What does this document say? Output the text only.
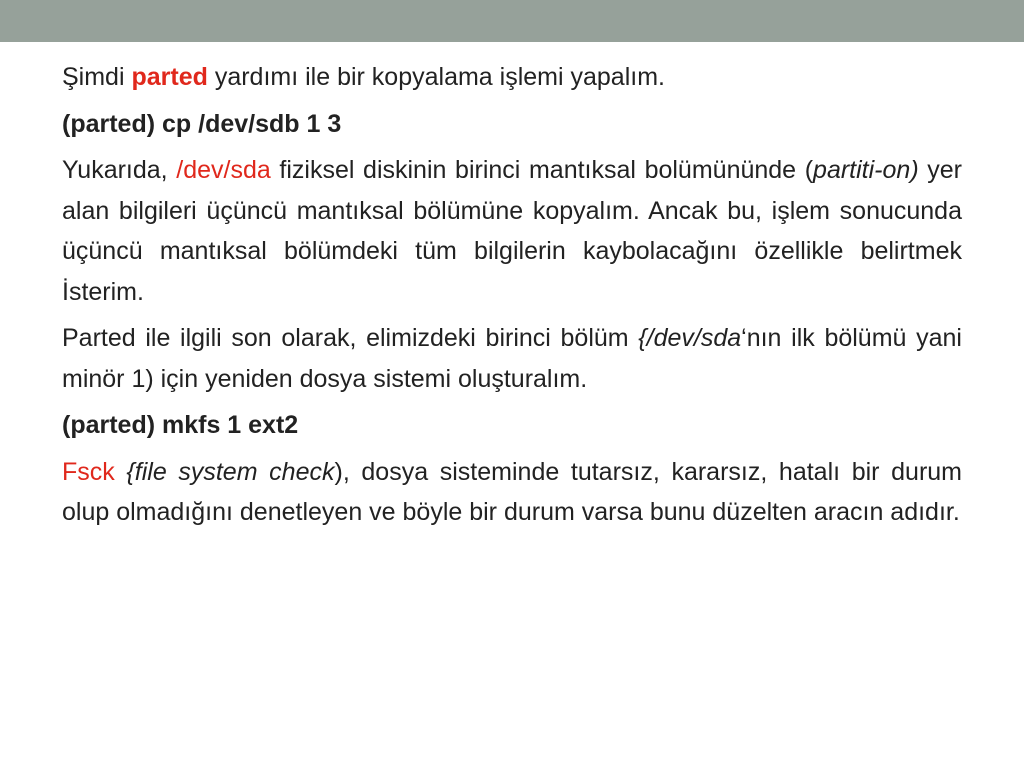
Şimdi parted yardımı ile bir kopyalama işlemi yapalım.

(parted) cp /dev/sdb 1 3

Yukarıda, /dev/sda fiziksel diskinin birinci mantıksal bolümününde (partiti-on) yer alan bilgileri üçüncü mantıksal bölümüne kopyalım. Ancak bu, işlem sonucunda üçüncü mantıksal bölümdeki tüm bilgilerin kaybolacağını özellikle belirtmek İsterim.

Parted ile ilgili son olarak, elimizdeki birinci bölüm {/dev/sda‘nın ilk bölümü yani minör 1) için yeniden dosya sistemi oluşturalım.

(parted) mkfs 1 ext2

Fsck {file system check), dosya sisteminde tutarsız, kararsız, hatalı bir durum olup olmadığını denetleyen ve böyle bir durum varsa bunu düzelten aracın adıdır.
